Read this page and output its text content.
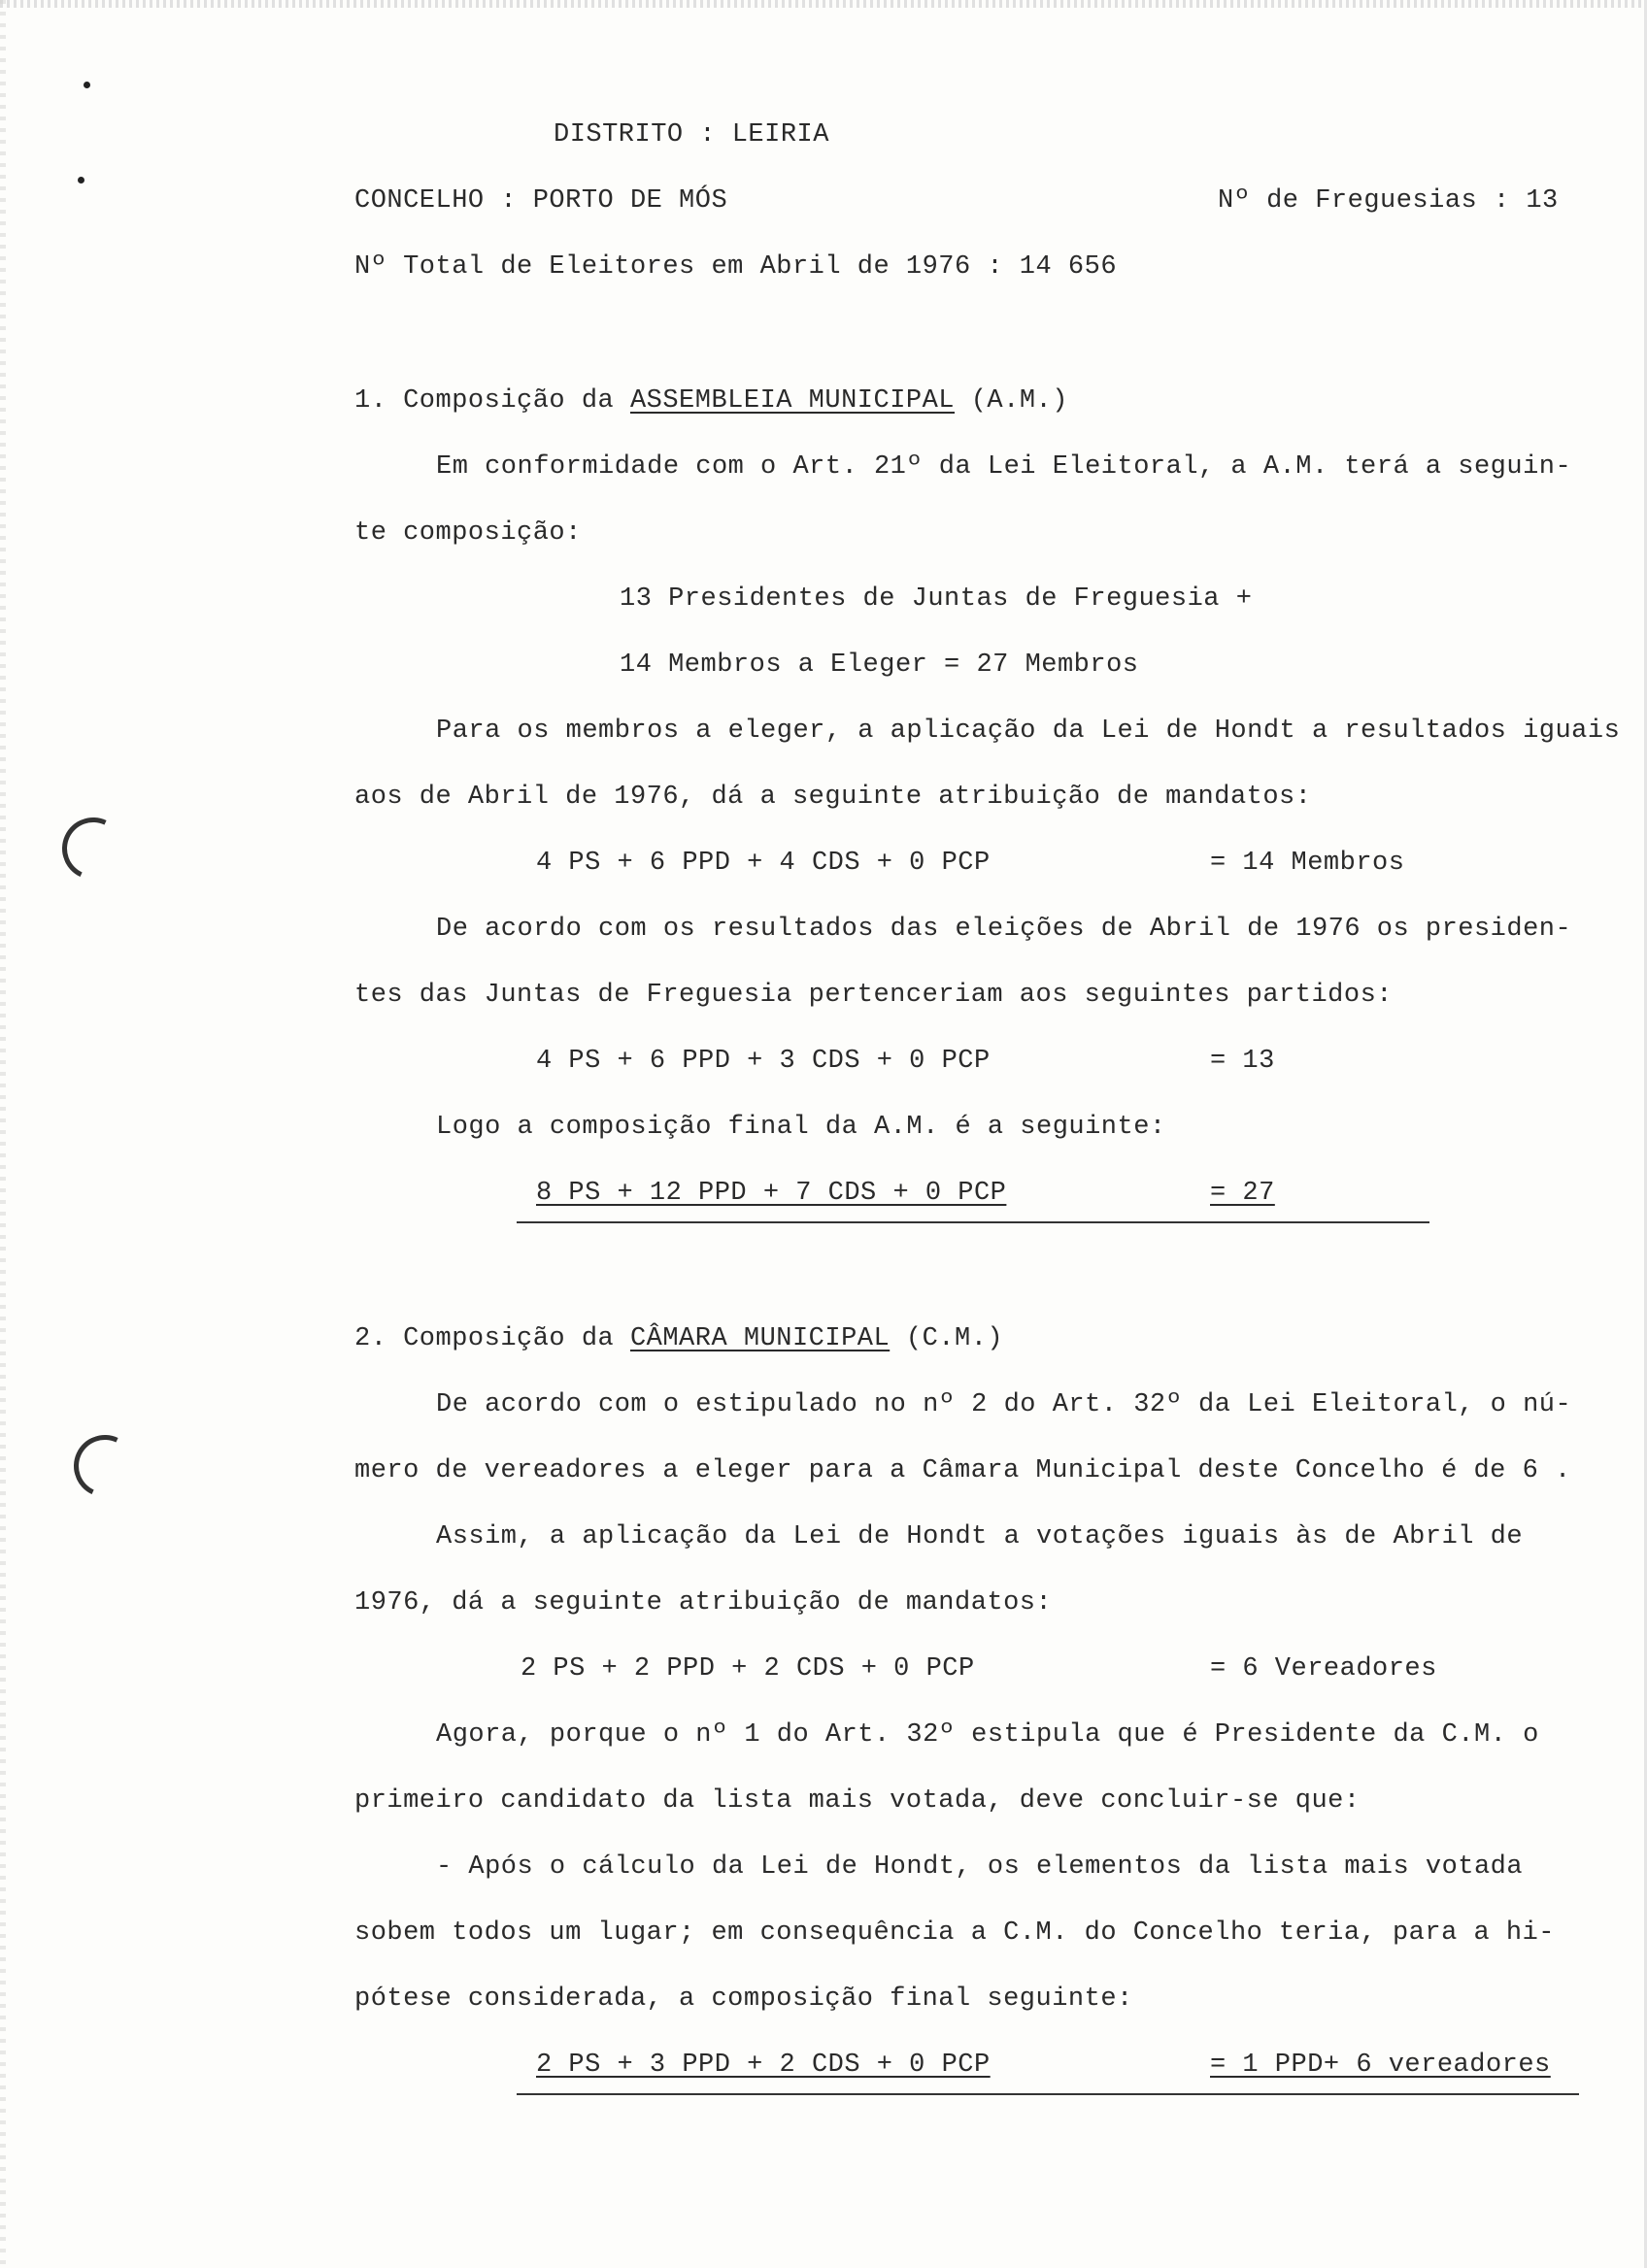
DISTRITO : LEIRIA
CONCELHO : PORTO DE MÓS	Nº de Freguesias : 13
Nº Total de Eleitores em Abril de 1976 : 14 656
1. Composição da ASSEMBLEIA MUNICIPAL (A.M.)
Em conformidade com o Art. 21º da Lei Eleitoral, a A.M. terá a seguin-
te composição:
13 Presidentes de Juntas de Freguesia +
14 Membros a Eleger = 27 Membros
Para os membros a eleger, a aplicação da Lei de Hondt a resultados iguais
aos de Abril de 1976, dá a seguinte atribuição de mandatos:
4 PS + 6 PPD + 4 CDS + 0 PCP	= 14 Membros
De acordo com os resultados das eleições de Abril de 1976 os presiden-
tes das Juntas de Freguesia pertenceriam aos seguintes partidos:
4 PS + 6 PPD + 3 CDS + 0 PCP	= 13
Logo a composição final da A.M. é a seguinte:
8 PS + 12 PPD + 7 CDS + 0 PCP	= 27
2. Composição da CÂMARA MUNICIPAL (C.M.)
De acordo com o estipulado no nº 2 do Art. 32º da Lei Eleitoral, o nú-
mero de vereadores a eleger para a Câmara Municipal deste Concelho é de 6 .
Assim, a aplicação da Lei de Hondt a votações iguais às de Abril de
1976, dá a seguinte atribuição de mandatos:
2 PS + 2 PPD + 2 CDS + 0 PCP	= 6 Vereadores
Agora, porque o nº 1 do Art. 32º estipula que é Presidente da C.M. o
primeiro candidato da lista mais votada, deve concluir-se que:
- Após o cálculo da Lei de Hondt, os elementos da lista mais votada
sobem todos um lugar; em consequência a C.M. do Concelho teria, para a hi-
pótese considerada, a composição final seguinte:
2 PS + 3 PPD + 2 CDS + 0 PCP	= 1 PPD+ 6 vereadores
